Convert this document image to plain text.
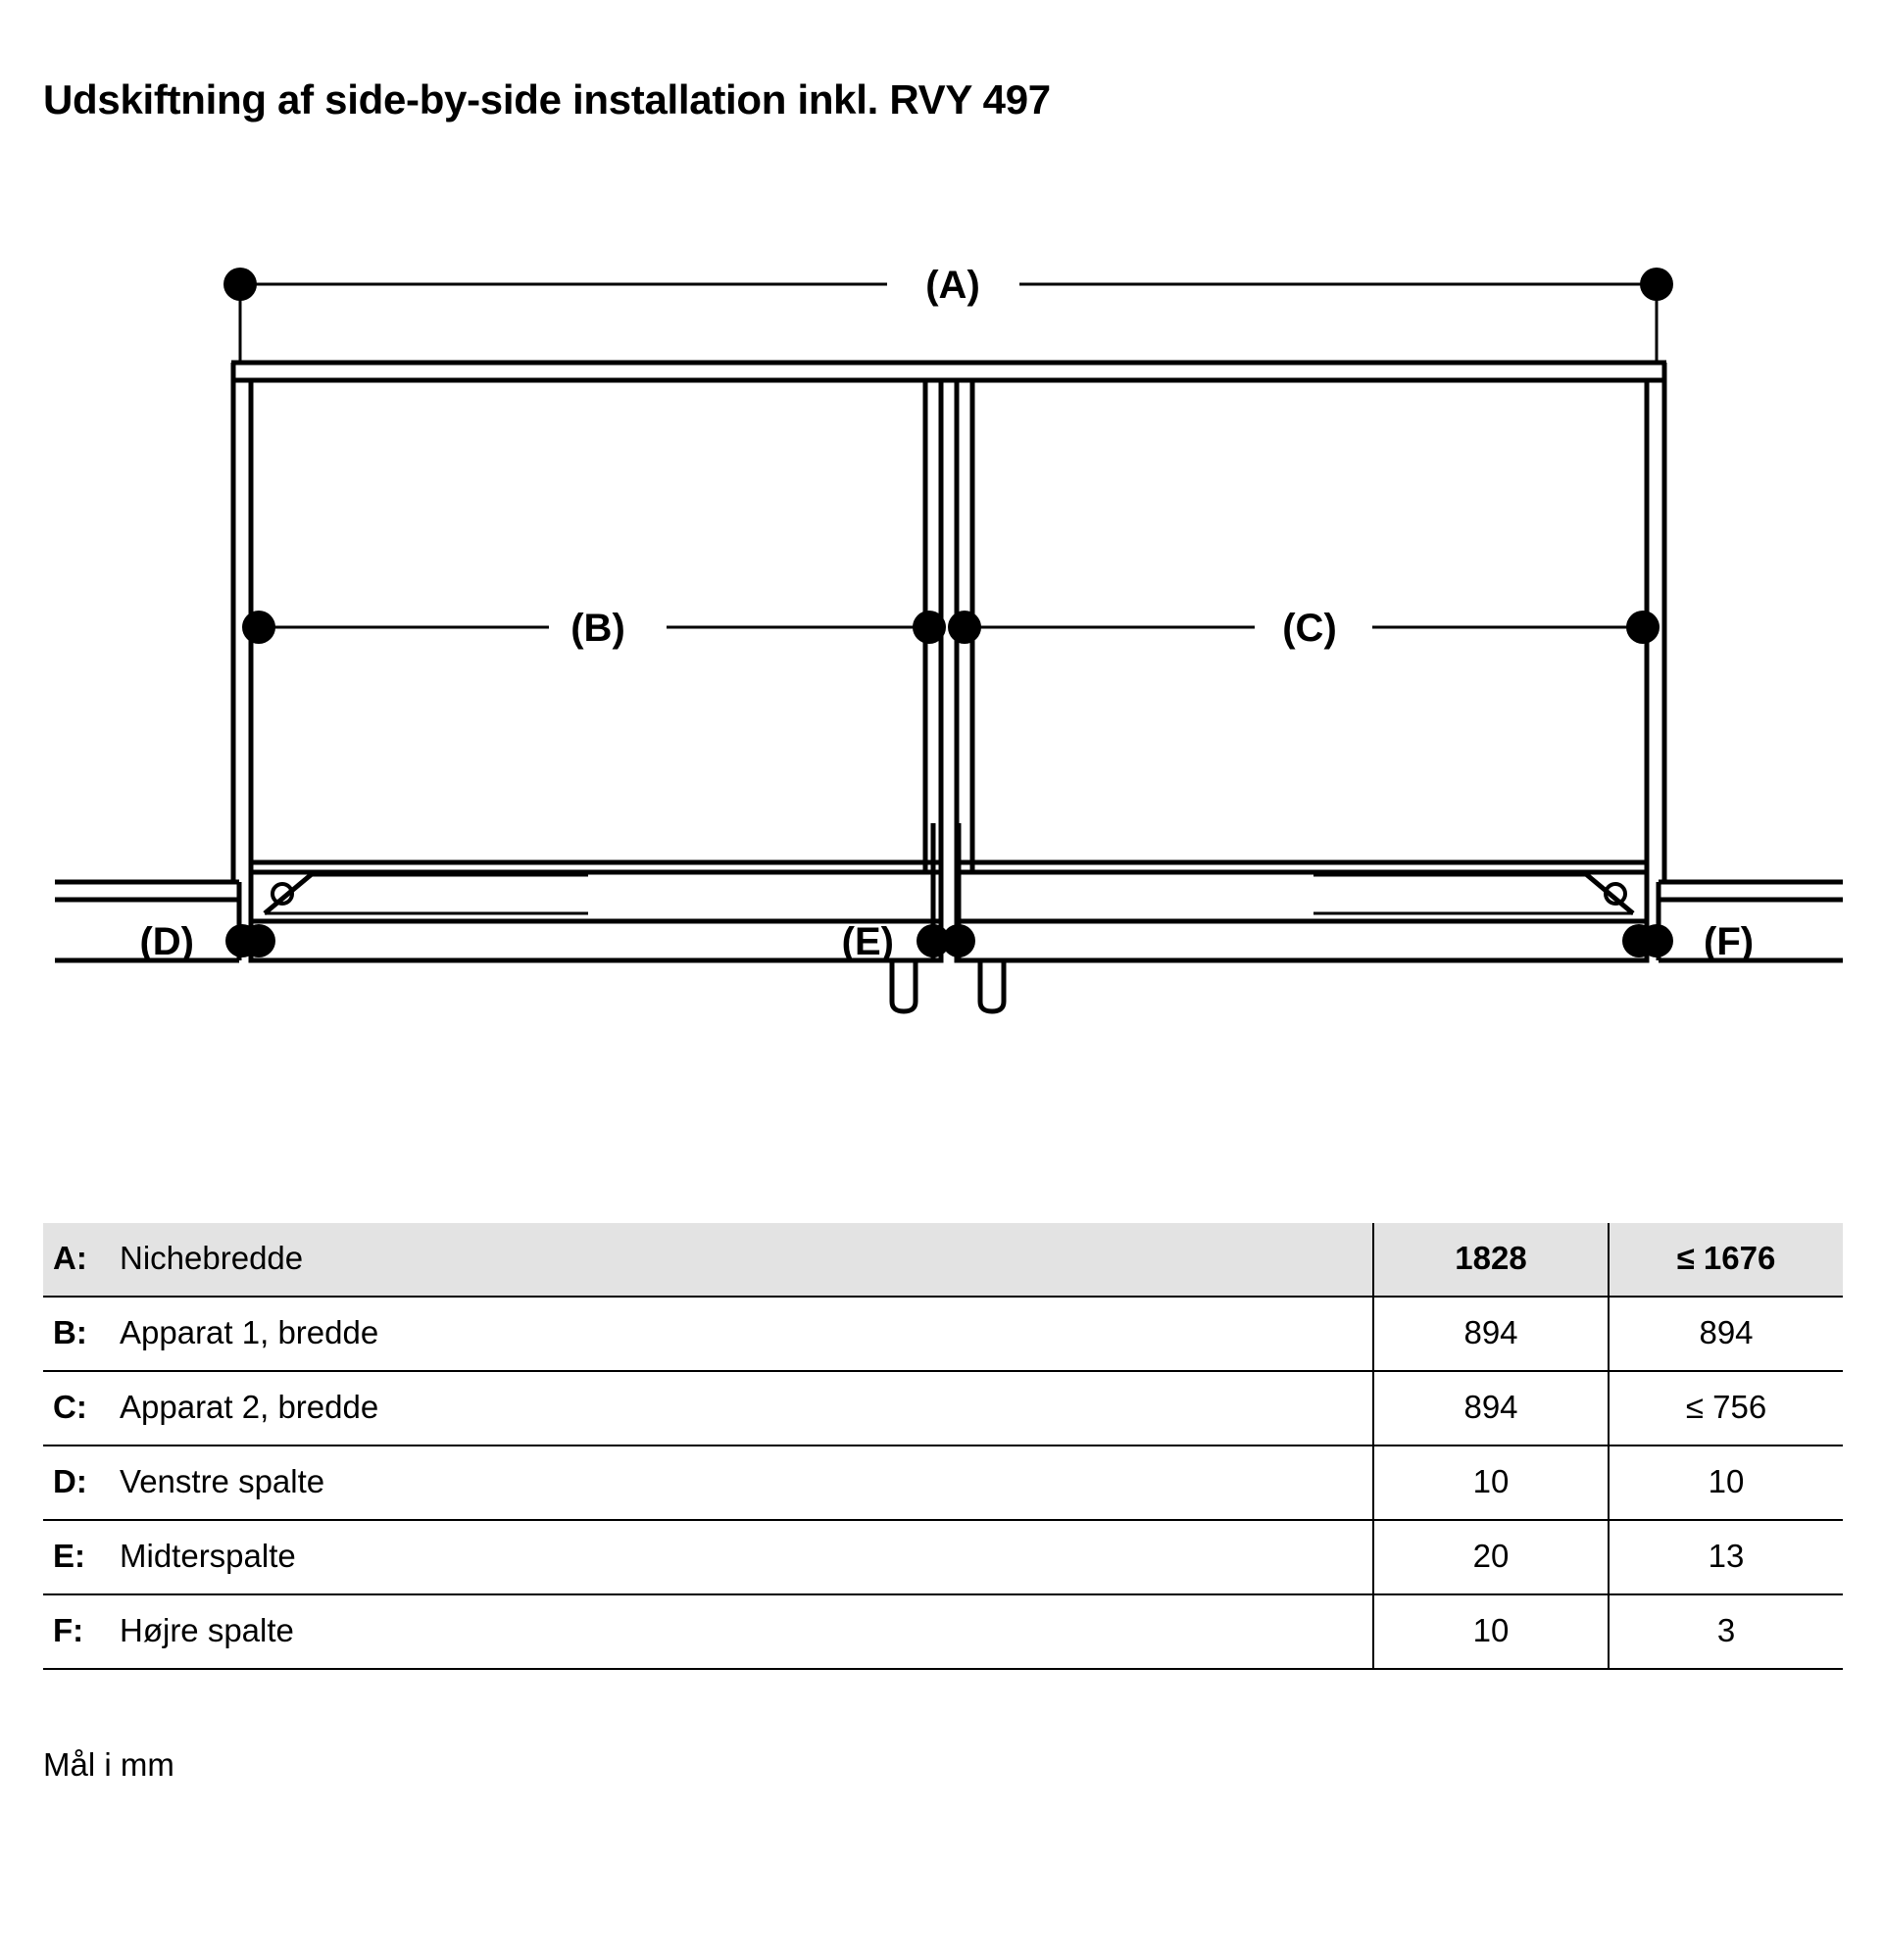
Udskiftning af side-by-side installation inkl. RVY 497
(A)
(B)	(C)
(D)	(E)	(F)
A:	Nichebredde	1828	≤ 1676
B:	Apparat 1, bredde	894	894
C:	Apparat 2, bredde	894	≤ 756
D:	Venstre spalte	10	10
E:	Midterspalte	20	13
F:	Højre spalte	10	3
Mål i mm
